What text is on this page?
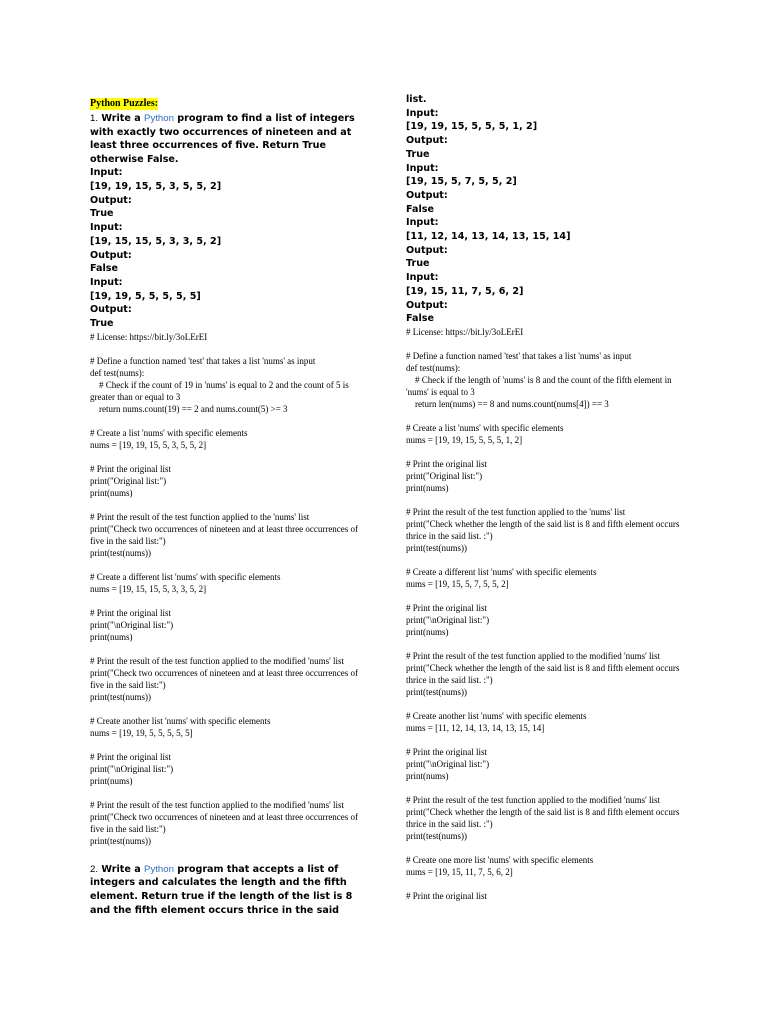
Python Puzzles:
1. Write a Python program to find a list of integers with exactly two occurrences of nineteen and at least three occurrences of five. Return True otherwise False.
Input:
[19, 19, 15, 5, 3, 5, 5, 2]
Output:
True
Input:
[19, 15, 15, 5, 3, 3, 5, 2]
Output:
False
Input:
[19, 19, 5, 5, 5, 5, 5]
Output:
True
# License: https://bit.ly/3oLErEI
# Define a function named 'test' that takes a list 'nums' as input
def test(nums):
# Check if the count of 19 in 'nums' is equal to 2 and the count of 5 is greater than or equal to 3
return nums.count(19) == 2 and nums.count(5) >= 3
# Create a list 'nums' with specific elements
nums = [19, 19, 15, 5, 3, 5, 5, 2]
# Print the original list
print("Original list:")
print(nums)
# Print the result of the test function applied to the 'nums' list
print("Check two occurrences of nineteen and at least three occurrences of five in the said list:")
print(test(nums))
# Create a different list 'nums' with specific elements
nums = [19, 15, 15, 5, 3, 3, 5, 2]
# Print the original list
print("\nOriginal list:")
print(nums)
# Print the result of the test function applied to the modified 'nums' list
print("Check two occurrences of nineteen and at least three occurrences of five in the said list:")
print(test(nums))
# Create another list 'nums' with specific elements
nums = [19, 19, 5, 5, 5, 5, 5]
# Print the original list
print("\nOriginal list:")
print(nums)
# Print the result of the test function applied to the modified 'nums' list
print("Check two occurrences of nineteen and at least three occurrences of five in the said list:")
print(test(nums))
2. Write a Python program that accepts a list of integers and calculates the length and the fifth element. Return true if the length of the list is 8 and the fifth element occurs thrice in the said
list.
Input:
[19, 19, 15, 5, 5, 5, 1, 2]
Output:
True
Input:
[19, 15, 5, 7, 5, 5, 2]
Output:
False
Input:
[11, 12, 14, 13, 14, 13, 15, 14]
Output:
True
Input:
[19, 15, 11, 7, 5, 6, 2]
Output:
False
# License: https://bit.ly/3oLErEI
# Define a function named 'test' that takes a list 'nums' as input
def test(nums):
# Check if the length of 'nums' is 8 and the count of the fifth element in 'nums' is equal to 3
return len(nums) == 8 and nums.count(nums[4]) == 3
# Create a list 'nums' with specific elements
nums = [19, 19, 15, 5, 5, 5, 1, 2]
# Print the original list
print("Original list:")
print(nums)
# Print the result of the test function applied to the 'nums' list
print("Check whether the length of the said list is 8 and fifth element occurs thrice in the said list. :")
print(test(nums))
# Create a different list 'nums' with specific elements
nums = [19, 15, 5, 7, 5, 5, 2]
# Print the original list
print("\nOriginal list:")
print(nums)
# Print the result of the test function applied to the modified 'nums' list
print("Check whether the length of the said list is 8 and fifth element occurs thrice in the said list. :")
print(test(nums))
# Create another list 'nums' with specific elements
nums = [11, 12, 14, 13, 14, 13, 15, 14]
# Print the original list
print("\nOriginal list:")
print(nums)
# Print the result of the test function applied to the modified 'nums' list
print("Check whether the length of the said list is 8 and fifth element occurs thrice in the said list. :")
print(test(nums))
# Create one more list 'nums' with specific elements
nums = [19, 15, 11, 7, 5, 6, 2]
# Print the original list
